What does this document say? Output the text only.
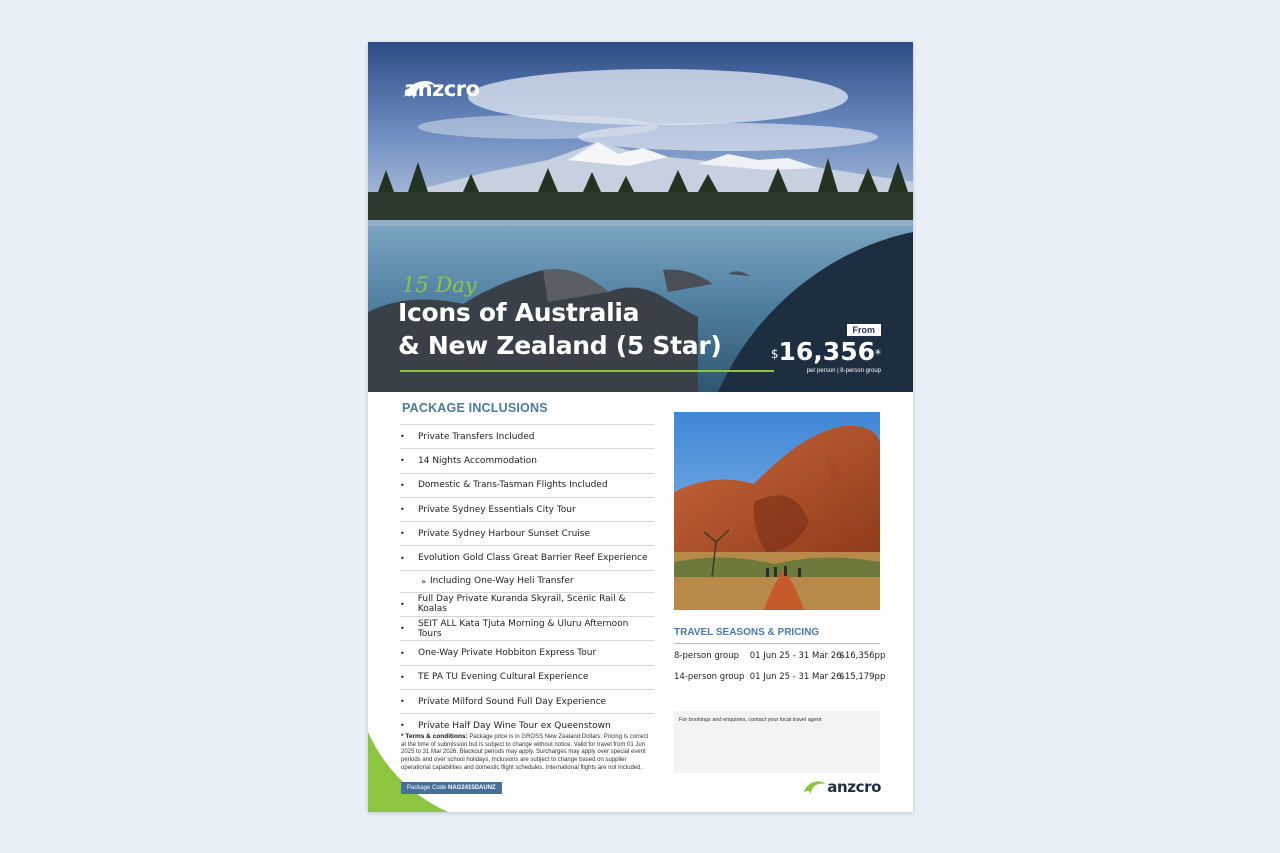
anzcro
15 Day
Icons of Australia
& New Zealand (5 Star)
From
$16,356*
per person | 8-person group
PACKAGE INCLUSIONS
•	Private Transfers Included
•	14 Nights Accommodation
•	Domestic & Trans-Tasman Flights Included
•	Private Sydney Essentials City Tour
•	Private Sydney Harbour Sunset Cruise
•	Evolution Gold Class Great Barrier Reef Experience
» Including One-Way Heli Transfer
•	Full Day Private Kuranda Skyrail, Scenic Rail & Koalas
•	SEIT ALL Kata Tjuta Morning & Uluru Afternoon Tours
•	One-Way Private Hobbiton Express Tour
•	TE PA TU Evening Cultural Experience
•	Private Milford Sound Full Day Experience
•	Private Half Day Wine Tour ex Queenstown
* Terms & conditions: Package price is in GROSS New Zealand Dollars. Pricing is correct at the time of submission but is subject to change without notice. Valid for travel from 01 Jun 2025 to 31 Mar 2026. Blackout periods may apply. Surcharges may apply over special event periods and over school holidays. Inclusions are subject to change based on supplier operational capabilities and domestic flight schedules. International flights are not included.
Package Code NAG2415DAUNZ
TRAVEL SEASONS & PRICING
8-person group 01 Jun 25 - 31 Mar 26 $16,356pp
14-person group 01 Jun 25 - 31 Mar 26 $15,179pp
For bookings and enquiries, contact your local travel agent
anzcro
